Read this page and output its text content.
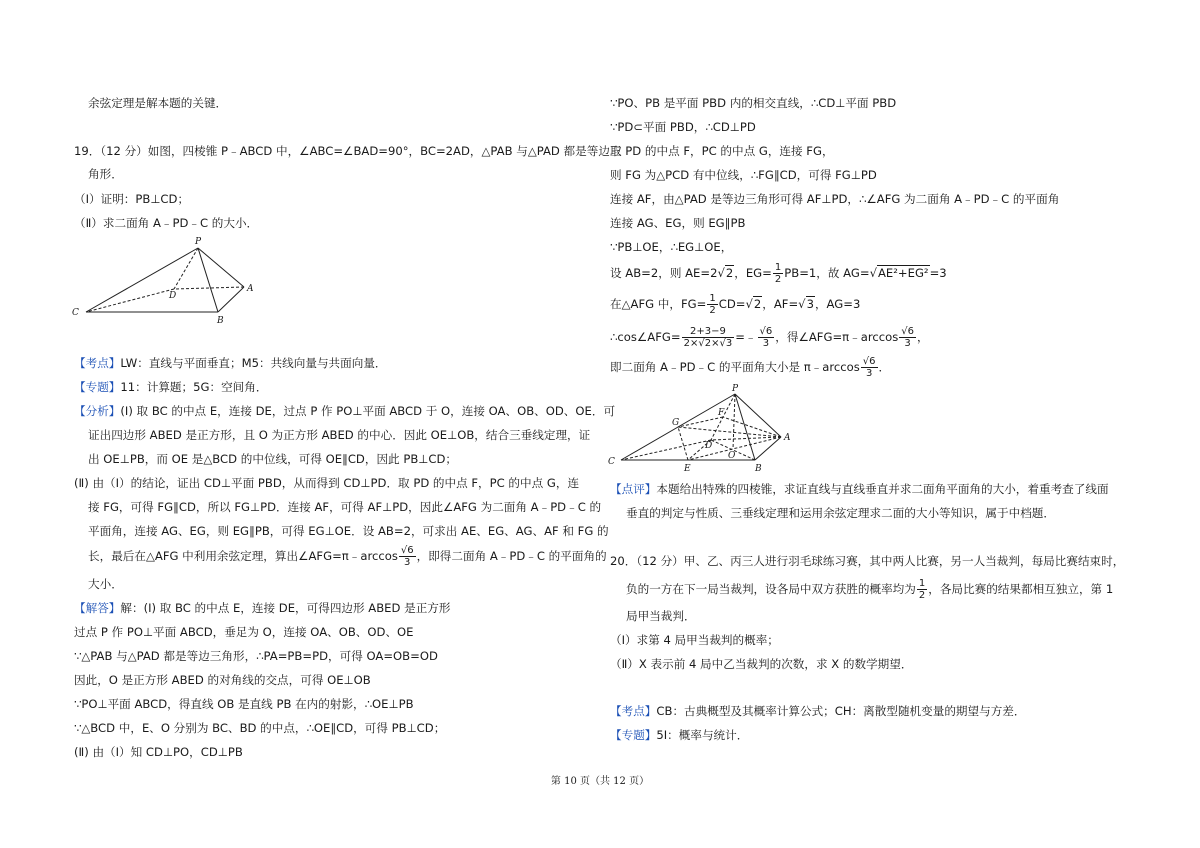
余弦定理是解本题的关键．
19．（12 分）如图，四棱锥 P﹣ABCD 中，∠ABC=∠BAD=90°，BC=2AD，△PAB 与△PAD 都是等边三
角形．
（Ⅰ）证明：PB⊥CD；
（Ⅱ）求二面角 A﹣PD﹣C 的大小．
P
A
B
C
D
【考点】LW：直线与平面垂直；M5：共线向量与共面向量．
【专题】11：计算题；5G：空间角．
【分析】(Ⅰ) 取 BC 的中点 E，连接 DE，过点 P 作 PO⊥平面 ABCD 于 O，连接 OA、OB、OD、OE．可
证出四边形 ABED 是正方形，且 O 为正方形 ABED 的中心．因此 OE⊥OB，结合三垂线定理，证
出 OE⊥PB，而 OE 是△BCD 的中位线，可得 OE∥CD，因此 PB⊥CD；
(Ⅱ) 由（Ⅰ）的结论，证出 CD⊥平面 PBD，从而得到 CD⊥PD．取 PD 的中点 F，PC 的中点 G，连
接 FG，可得 FG∥CD，所以 FG⊥PD．连接 AF，可得 AF⊥PD，因此∠AFG 为二面角 A﹣PD﹣C 的
平面角，连接 AG、EG，则 EG∥PB，可得 EG⊥OE．设 AB=2，可求出 AE、EG、AG、AF 和 FG 的
长，最后在△AFG 中利用余弦定理，算出∠AFG=π﹣arccos $\frac{√6}{3}$ ，即得二面角 A﹣PD﹣C 的平面角的
大小．
【解答】解：(Ⅰ) 取 BC 的中点 E，连接 DE，可得四边形 ABED 是正方形
过点 P 作 PO⊥平面 ABCD，垂足为 O，连接 OA、OB、OD、OE
∵△PAB 与△PAD 都是等边三角形，∴PA=PB=PD，可得 OA=OB=OD
因此，O 是正方形 ABED 的对角线的交点，可得 OE⊥OB
∵PO⊥平面 ABCD，得直线 OB 是直线 PB 在内的射影，∴OE⊥PB
∵△BCD 中，E、O 分别为 BC、BD 的中点，∴OE∥CD，可得 PB⊥CD；
(Ⅱ) 由（Ⅰ）知 CD⊥PO，CD⊥PB
∵PO、PB 是平面 PBD 内的相交直线，∴CD⊥平面 PBD
∵PD⊂平面 PBD，∴CD⊥PD
取 PD 的中点 F，PC 的中点 G，连接 FG，
则 FG 为△PCD 有中位线，∴FG∥CD，可得 FG⊥PD
连接 AF，由△PAD 是等边三角形可得 AF⊥PD，∴∠AFG 为二面角 A﹣PD﹣C 的平面角
连接 AG、EG，则 EG∥PB
∵PB⊥OE，∴EG⊥OE，
设 AB=2，则 AE=2√2，$EG= \frac{1}{2} PB=1$，故 AG=√AE²+EG²=3
在△AFG 中，$FG= \frac{1}{2} CD=√2$，AF=√3，AG=3
∴cos∠AFG= $\frac{2+3-9}{2\times√2\times√3}$ =﹣ $\frac{√6}{3}$ ，得∠AFG=π﹣arccos $\frac{√6}{3}$ ，
即二面角 A﹣PD﹣C 的平面角大小是 π﹣arccos $\frac{√6}{3}$ ．
P
A
B
C
D
E
F
G
O
【点评】本题给出特殊的四棱锥，求证直线与直线垂直并求二面角平面角的大小，着重考查了线面
垂直的判定与性质、三垂线定理和运用余弦定理求二面的大小等知识，属于中档题．
20．（12 分）甲、乙、丙三人进行羽毛球练习赛，其中两人比赛，另一人当裁判，每局比赛结束时，
负的一方在下一局当裁判，设各局中双方获胜的概率均为 $\frac{1}{2}$ ，各局比赛的结果都相互独立，第 1
局甲当裁判．
（Ⅰ）求第 4 局甲当裁判的概率；
（Ⅱ）X 表示前 4 局中乙当裁判的次数，求 X 的数学期望．
【考点】CB：古典概型及其概率计算公式；CH：离散型随机变量的期望与方差．
【专题】5I：概率与统计．
第 10 页（共 12 页）
